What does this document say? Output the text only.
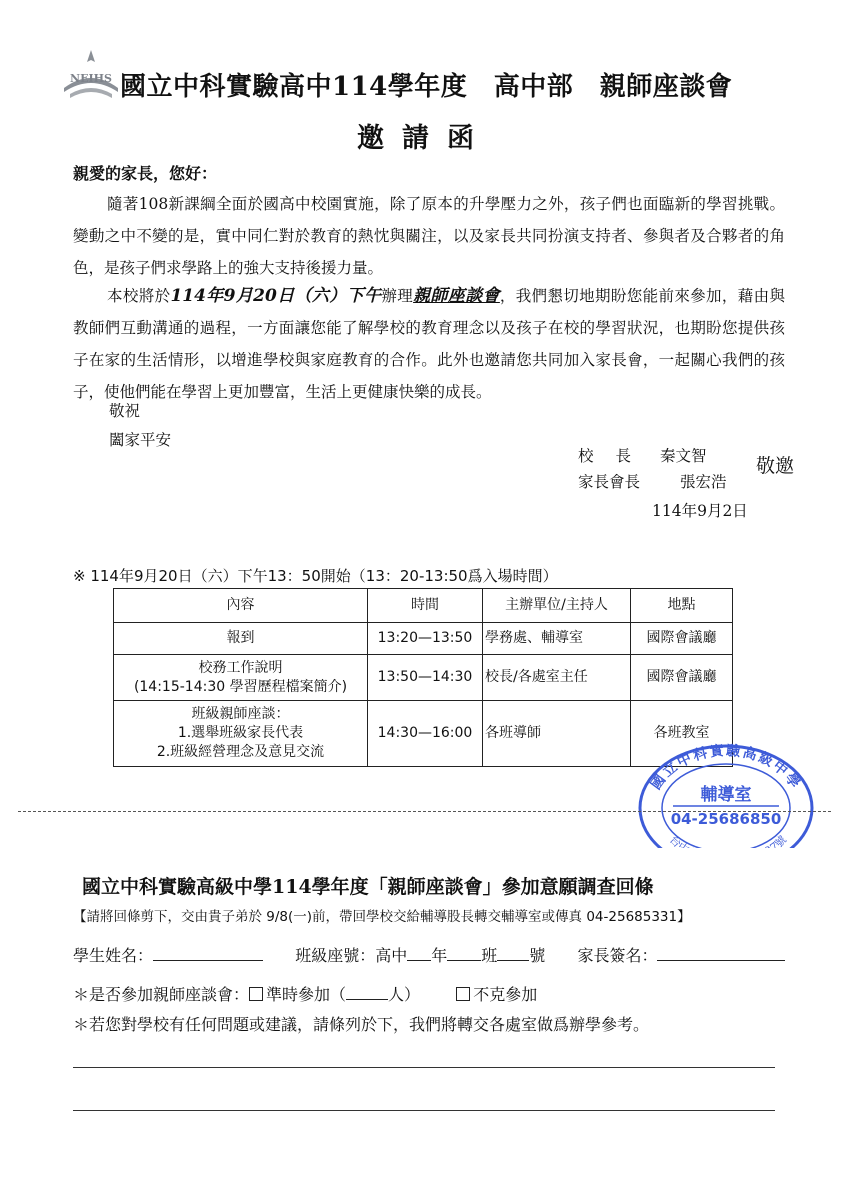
NEIHS 國立中科實驗高中114學年度　高中部　親師座談會
邀請函
親愛的家長，您好：
隨著108新課綱全面於國高中校園實施，除了原本的升學壓力之外，孩子們也面臨新的學習挑戰。變動之中不變的是，實中同仁對於教育的熱忱與關注，以及家長共同扮演支持者、參與者及合夥者的角色，是孩子們求學路上的強大支持後援力量。
本校將於114年9月20日（六）下午辦理親師座談會，我們懇切地期盼您能前來參加，藉由與教師們互動溝通的過程，一方面讓您能了解學校的教育理念以及孩子在校的學習狀況，也期盼您提供孩子在家的生活情形，以增進學校與家庭教育的合作。此外也邀請您共同加入家長會，一起關心我們的孩子，使他們能在學習上更加豐富，生活上更健康快樂的成長。
敬祝
闔家平安
校長 秦文智
家長會長	張宏浩
敬邀
114年9月2日
※ 114年9月20日（六）下午13：50開始（13：20-13:50爲入場時間）
內容	時間	主辦單位/主持人	地點
報到	13:20—13:50	學務處、輔導室	國際會議廳

校務工作說明
(14:15-14:30 學習歷程檔案簡介)	13:50—14:30	校長/各處室主任	國際會議廳

班級親師座談：
1.選舉班級家長代表
2.班級經營理念及意見交流	14:30—16:00	各班導師	各班教室
國立中科實驗高級中學
輔導室
04-25686850
台 7號
國立中科實驗高級中學114學年度「親師座談會」參加意願調查回條
【請將回條剪下，交由貴子弟於 9/8(一)前，帶回學校交給輔導股長轉交輔導室或傳真 04-25685331】
學生姓名：	班級座號：高中 年 班 號 家長簽名：
＊是否參加親師座談會： 準時參加（	人）	不克參加
＊若您對學校有任何問題或建議，請條列於下，我們將轉交各處室做爲辦學參考。
